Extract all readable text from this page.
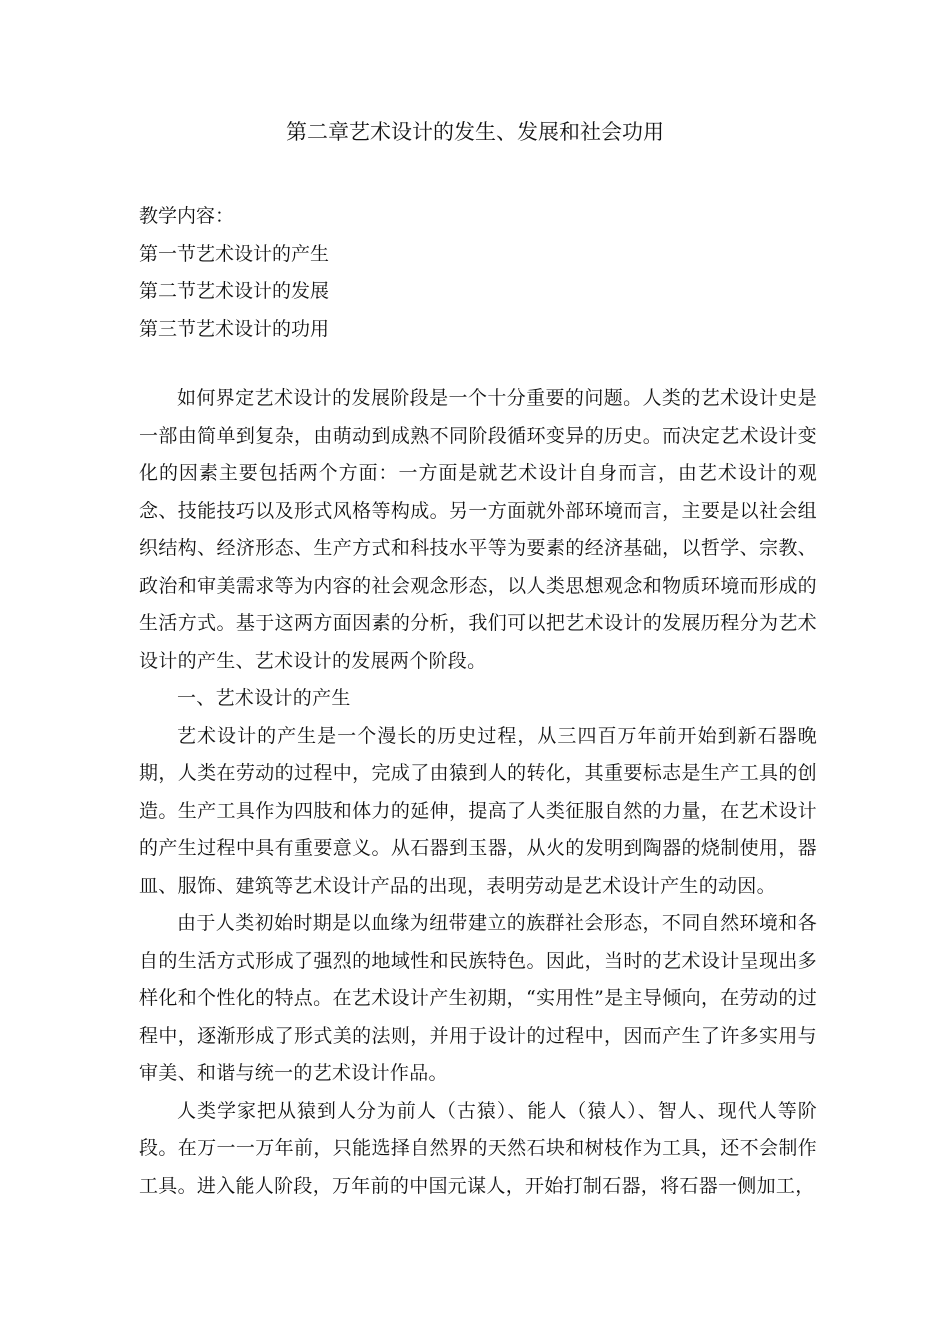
第二章艺术设计的发生、发展和社会功用
教学内容：
第一节艺术设计的产生
第二节艺术设计的发展
第三节艺术设计的功用

如何界定艺术设计的发展阶段是一个十分重要的问题。人类的艺术设计史是一部由简单到复杂，由萌动到成熟不同阶段循环变异的历史。而决定艺术设计变化的因素主要包括两个方面：一方面是就艺术设计自身而言，由艺术设计的观念、技能技巧以及形式风格等构成。另一方面就外部环境而言，主要是以社会组织结构、经济形态、生产方式和科技水平等为要素的经济基础，以哲学、宗教、政治和审美需求等为内容的社会观念形态，以人类思想观念和物质环境而形成的生活方式。基于这两方面因素的分析，我们可以把艺术设计的发展历程分为艺术设计的产生、艺术设计的发展两个阶段。

一、艺术设计的产生

艺术设计的产生是一个漫长的历史过程，从三四百万年前开始到新石器晚期，人类在劳动的过程中，完成了由猿到人的转化，其重要标志是生产工具的创造。生产工具作为四肢和体力的延伸，提高了人类征服自然的力量，在艺术设计的产生过程中具有重要意义。从石器到玉器，从火的发明到陶器的烧制使用，器皿、服饰、建筑等艺术设计产品的出现，表明劳动是艺术设计产生的动因。

由于人类初始时期是以血缘为纽带建立的族群社会形态，不同自然环境和各自的生活方式形成了强烈的地域性和民族特色。因此，当时的艺术设计呈现出多样化和个性化的特点。在艺术设计产生初期，“实用性”是主导倾向，在劳动的过程中，逐渐形成了形式美的法则，并用于设计的过程中，因而产生了许多实用与审美、和谐与统一的艺术设计作品。

人类学家把从猿到人分为前人（古猿）、能人（猿人）、智人、现代人等阶段。在万一一万年前，只能选择自然界的天然石块和树枝作为工具，还不会制作工具。进入能人阶段，万年前的中国元谋人，开始打制石器，将石器一侧加工，
